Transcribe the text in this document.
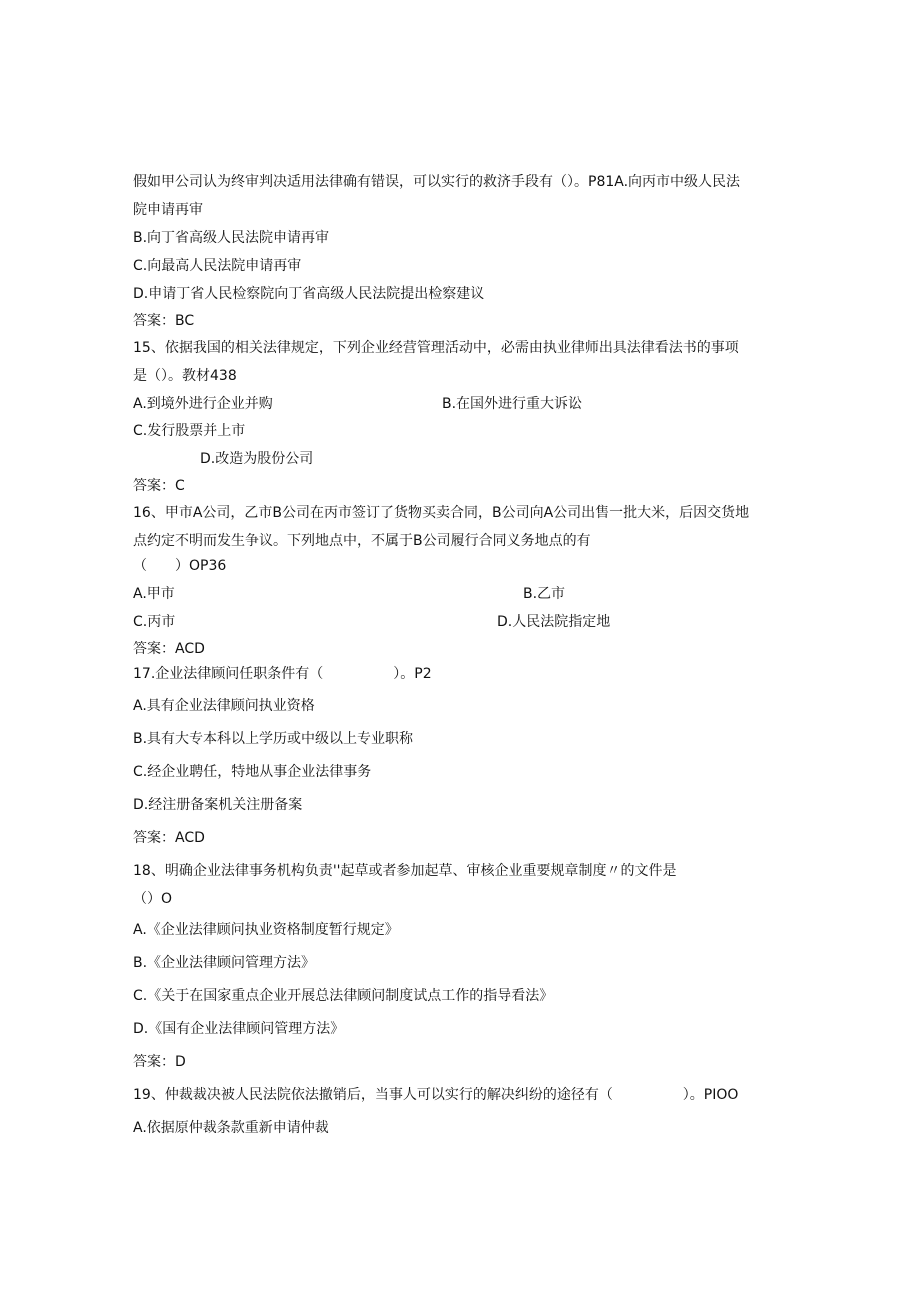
假如甲公司认为终审判决适用法律确有错误，可以实行的救济手段有（）。P81A.向丙市中级人民法
院申请再审
B.向丁省高级人民法院申请再审
C.向最高人民法院申请再审
D.申请丁省人民检察院向丁省高级人民法院提出检察建议
答案：BC
15、依据我国的相关法律规定，下列企业经营管理活动中，必需由执业律师出具法律看法书的事项
是（）。教材438
A.到境外进行企业并购	B.在国外进行重大诉讼
C.发行股票并上市
D.改造为股份公司
答案：C
16、甲市A公司，乙市B公司在丙市签订了货物买卖合同，B公司向A公司出售一批大米，后因交货地
点约定不明而发生争议。下列地点中，不属于B公司履行合同义务地点的有
（　　）OP36
A.甲市	B.乙市
C.丙市	D.人民法院指定地
答案：ACD
17.企业法律顾问任职条件有（　　　　　）。P2
A.具有企业法律顾问执业资格
B.具有大专本科以上学历或中级以上专业职称
C.经企业聘任，特地从事企业法律事务
D.经注册备案机关注册备案
答案：ACD
18、明确企业法律事务机构负责''起草或者参加起草、审核企业重要规章制度〃的文件是
（）O
A.《企业法律顾问执业资格制度暂行规定》
B.《企业法律顾问管理方法》
C.《关于在国家重点企业开展总法律顾问制度试点工作的指导看法》
D.《国有企业法律顾问管理方法》
答案：D
19、仲裁裁决被人民法院依法撤销后，当事人可以实行的解决纠纷的途径有（　　　　　）。PIOO
A.依据原仲裁条款重新申请仲裁
